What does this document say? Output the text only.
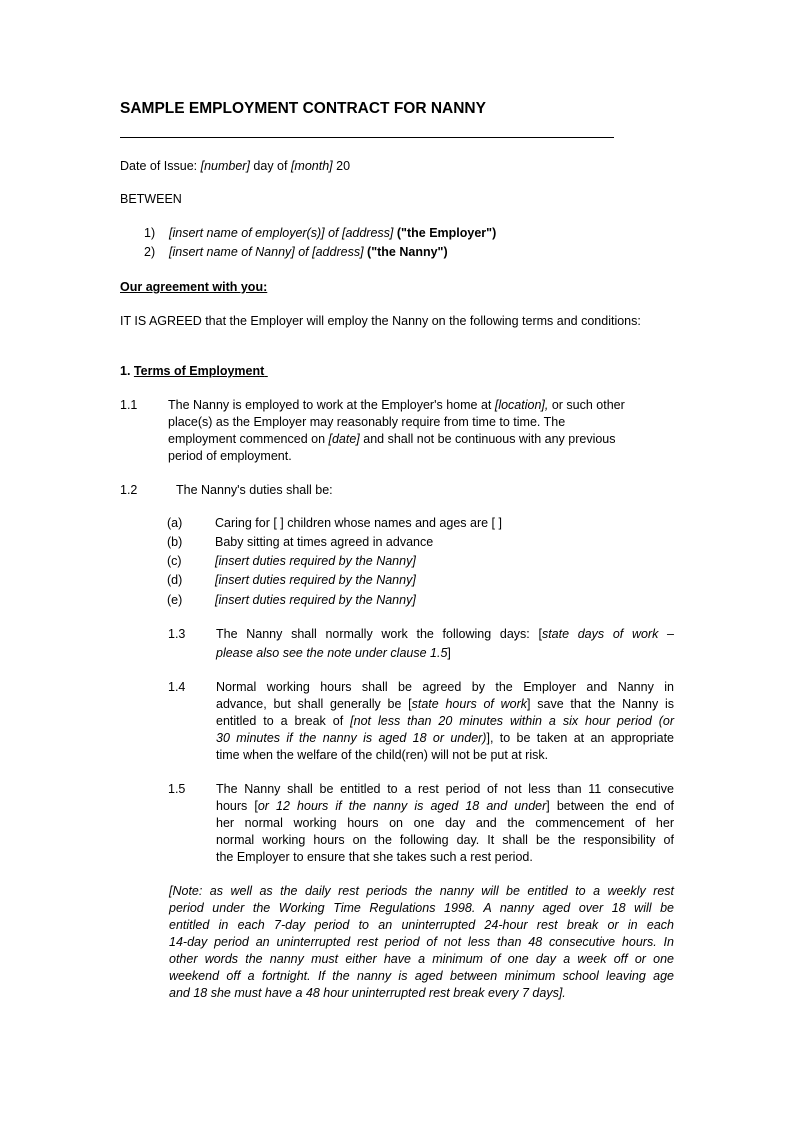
SAMPLE EMPLOYMENT CONTRACT FOR NANNY
Date of Issue: [number] day of [month] 20
BETWEEN
1) [insert name of employer(s)] of [address] ("the Employer")
2) [insert name of Nanny] of [address] ("the Nanny")
Our agreement with you:
IT IS AGREED that the Employer will employ the Nanny on the following terms and conditions:
1. Terms of Employment
1.1 The Nanny is employed to work at the Employer's home at [location], or such other
place(s) as the Employer may reasonably require from time to time. The
employment commenced on [date] and shall not be continuous with any previous
period of employment.
1.2	The Nanny's duties shall be:
(a)	Caring for [ ] children whose names and ages are [ ]
(b)	Baby sitting at times agreed in advance
(c)	[insert duties required by the Nanny]
(d)	[insert duties required by the Nanny]
(e)	[insert duties required by the Nanny]
1.3 The Nanny shall normally work the following days: [state days of work –
please also see the note under clause 1.5]
1.4 Normal working hours shall be agreed by the Employer and Nanny in
advance, but shall generally be [state hours of work] save that the Nanny is
entitled to a break of [not less than 20 minutes within a six hour period (or
30 minutes if the nanny is aged 18 or under)], to be taken at an appropriate
time when the welfare of the child(ren) will not be put at risk.
1.5 The Nanny shall be entitled to a rest period of not less than 11 consecutive
hours [or 12 hours if the nanny is aged 18 and under] between the end of
her normal working hours on one day and the commencement of her
normal working hours on the following day. It shall be the responsibility of
the Employer to ensure that she takes such a rest period.
[Note: as well as the daily rest periods the nanny will be entitled to a weekly rest
period under the Working Time Regulations 1998. A nanny aged over 18 will be
entitled in each 7-day period to an uninterrupted 24-hour rest break or in each
14-day period an uninterrupted rest period of not less than 48 consecutive hours. In
other words the nanny must either have a minimum of one day a week off or one
weekend off a fortnight. If the nanny is aged between minimum school leaving age
and 18 she must have a 48 hour uninterrupted rest break every 7 days].
